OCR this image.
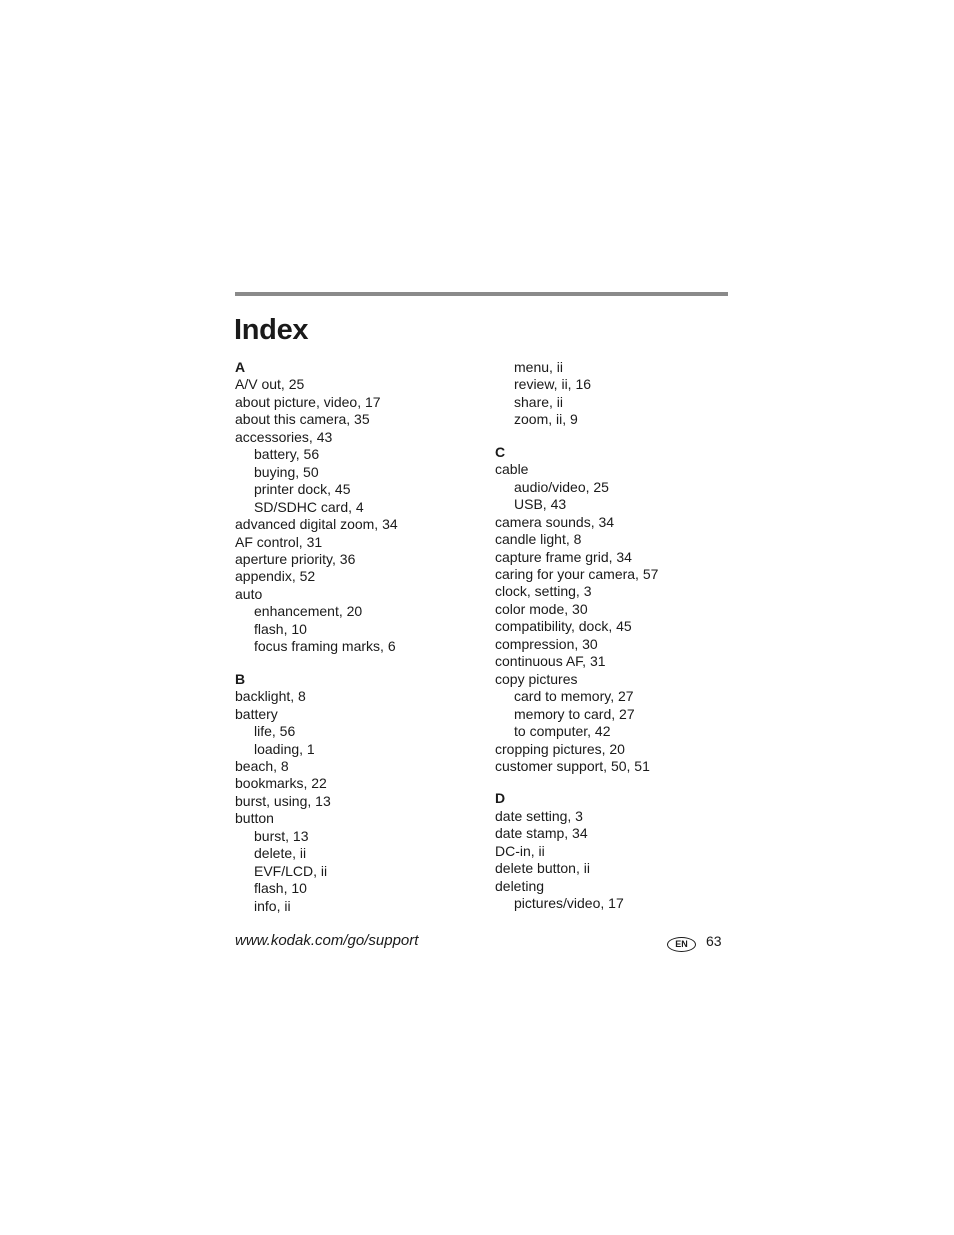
Index
A
A/V out, 25
about picture, video, 17
about this camera, 35
accessories, 43
battery, 56
buying, 50
printer dock, 45
SD/SDHC card, 4
advanced digital zoom, 34
AF control, 31
aperture priority, 36
appendix, 52
auto
enhancement, 20
flash, 10
focus framing marks, 6
B
backlight, 8
battery
life, 56
loading, 1
beach, 8
bookmarks, 22
burst, using, 13
button
burst, 13
delete, ii
EVF/LCD, ii
flash, 10
info, ii
menu, ii
review, ii, 16
share, ii
zoom, ii, 9
C
cable
audio/video, 25
USB, 43
camera sounds, 34
candle light, 8
capture frame grid, 34
caring for your camera, 57
clock, setting, 3
color mode, 30
compatibility, dock, 45
compression, 30
continuous AF, 31
copy pictures
card to memory, 27
memory to card, 27
to computer, 42
cropping pictures, 20
customer support, 50, 51
D
date setting, 3
date stamp, 34
DC-in, ii
delete button, ii
deleting
pictures/video, 17
www.kodak.com/go/support	EN	63
